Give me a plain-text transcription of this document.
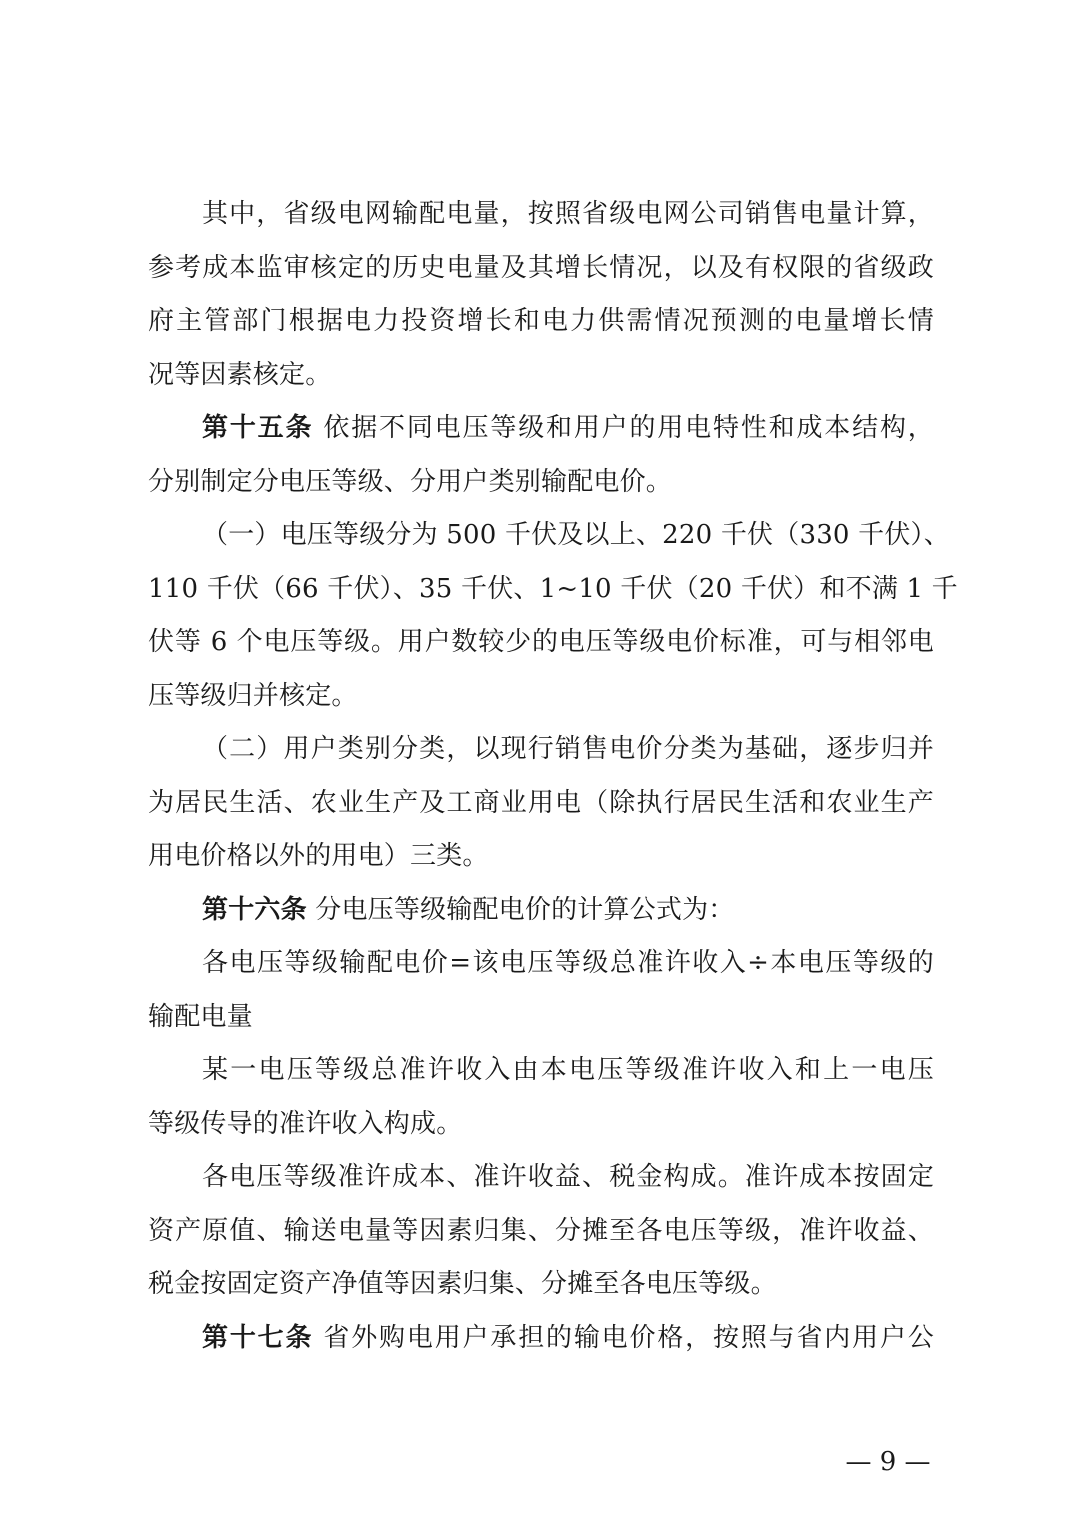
其中，省级电网输配电量，按照省级电网公司销售电量计算，
参考成本监审核定的历史电量及其增长情况，以及有权限的省级政
府主管部门根据电力投资增长和电力供需情况预测的电量增长情
况等因素核定。
第十五条 依据不同电压等级和用户的用电特性和成本结构，
分别制定分电压等级、分用户类别输配电价。
（一）电压等级分为 500 千伏及以上、220 千伏（330 千伏）、
110 千伏（66 千伏）、35 千伏、1~10 千伏（20 千伏）和不满 1 千
伏等 6 个电压等级。用户数较少的电压等级电价标准，可与相邻电
压等级归并核定。
（二）用户类别分类，以现行销售电价分类为基础，逐步归并
为居民生活、农业生产及工商业用电（除执行居民生活和农业生产
用电价格以外的用电）三类。
第十六条 分电压等级输配电价的计算公式为：
各电压等级输配电价=该电压等级总准许收入÷本电压等级的
输配电量
某一电压等级总准许收入由本电压等级准许收入和上一电压
等级传导的准许收入构成。
各电压等级准许成本、准许收益、税金构成。准许成本按固定
资产原值、输送电量等因素归集、分摊至各电压等级，准许收益、
税金按固定资产净值等因素归集、分摊至各电压等级。
第十七条 省外购电用户承担的输电价格，按照与省内用户公
— 9 —
